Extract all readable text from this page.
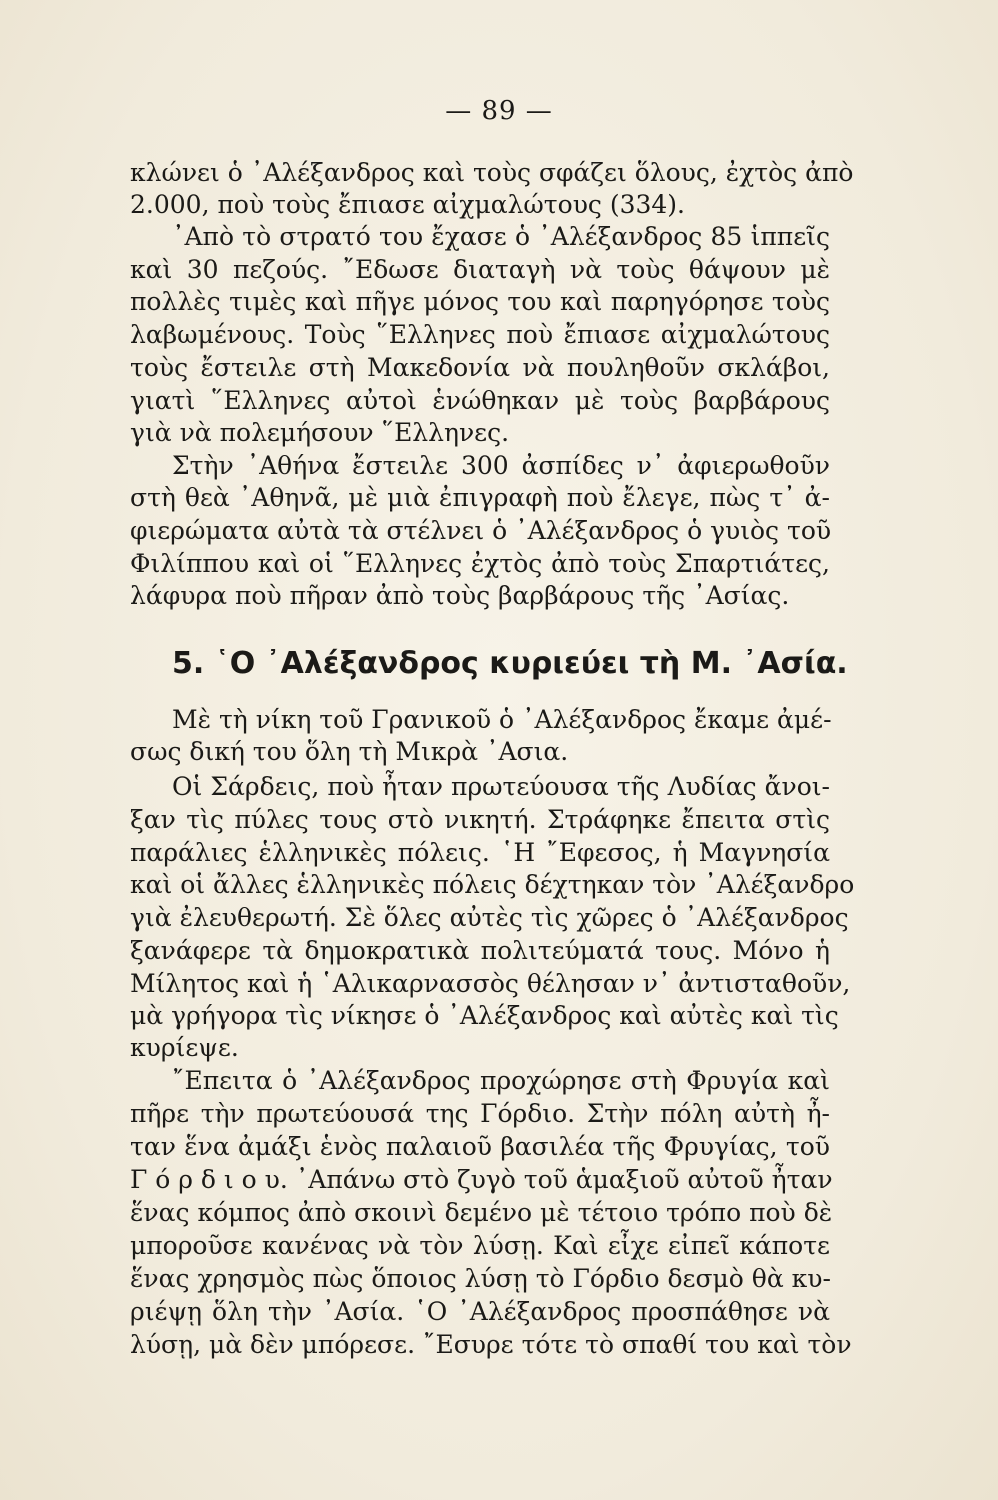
— 89 —
κλώνει ὁ ᾿Αλέξανδρος καὶ τοὺς σφάζει ὅλους, ἐχτὸς ἀπὸ
2.000, ποὺ τοὺς ἔπιασε αἰχμαλώτους (334).
᾿Απὸ τὸ στρατό του ἔχασε ὁ ᾿Αλέξανδρος 85 ἱππεῖς
καὶ 30 πεζούς. ῎Εδωσε διαταγὴ νὰ τοὺς θάψουν μὲ
πολλὲς τιμὲς καὶ πῆγε μόνος του καὶ παρηγόρησε τοὺς
λαβωμένους. Τοὺς ῞Ελληνες ποὺ ἔπιασε αἰχμαλώτους
τοὺς ἔστειλε στὴ Μακεδονία νὰ πουληθοῦν σκλάβοι,
γιατὶ ῞Ελληνες αὐτοὶ ἑνώθηκαν μὲ τοὺς βαρβάρους
γιὰ νὰ πολεμήσουν ῞Ελληνες.
Στὴν ᾿Αθήνα ἔστειλε 300 ἀσπίδες ν᾿ ἀφιερωθοῦν
στὴ θεὰ ᾿Αθηνᾶ, μὲ μιὰ ἐπιγραφὴ ποὺ ἔλεγε, πὼς τ᾿ ἀ-
φιερώματα αὐτὰ τὰ στέλνει ὁ ᾿Αλέξανδρος ὁ γυιὸς τοῦ
Φιλίππου καὶ οἱ ῞Ελληνες ἐχτὸς ἀπὸ τοὺς Σπαρτιάτες,
λάφυρα ποὺ πῆραν ἀπὸ τοὺς βαρβάρους τῆς ᾿Ασίας.
5. ῾Ο ᾿Αλέξανδρος κυριεύει τὴ Μ. ᾿Ασία.
Μὲ τὴ νίκη τοῦ Γρανικοῦ ὁ ᾿Αλέξανδρος ἔκαμε ἀμέ-
σως δική του ὅλη τὴ Μικρὰ ᾿Ασια.
Οἱ Σάρδεις, ποὺ ἦταν πρωτεύουσα τῆς Λυδίας ἄνοι-
ξαν τὶς πύλες τους στὸ νικητή. Στράφηκε ἔπειτα στὶς
παράλιες ἑλληνικὲς πόλεις. ῾Η ῎Εφεσος, ἡ Μαγνησία
καὶ οἱ ἄλλες ἑλληνικὲς πόλεις δέχτηκαν τὸν ᾿Αλέξανδρο
γιὰ ἐλευθερωτή. Σὲ ὅλες αὐτὲς τὶς χῶρες ὁ ᾿Αλέξανδρος
ξανάφερε τὰ δημοκρατικὰ πολιτεύματά τους. Μόνο ἡ
Μίλητος καὶ ἡ ῾Αλικαρνασσὸς θέλησαν ν᾿ ἀντισταθοῦν,
μὰ γρήγορα τὶς νίκησε ὁ ᾿Αλέξανδρος καὶ αὐτὲς καὶ τὶς
κυρίεψε.
῎Επειτα ὁ ᾿Αλέξανδρος προχώρησε στὴ Φρυγία καὶ
πῆρε τὴν πρωτεύουσά της Γόρδιο. Στὴν πόλη αὐτὴ ἦ-
ταν ἕνα ἀμάξι ἑνὸς παλαιοῦ βασιλέα τῆς Φρυγίας, τοῦ
Γ ό ρ δ ι ο υ. ᾿Απάνω στὸ ζυγὸ τοῦ ἁμαξιοῦ αὐτοῦ ἦταν
ἕνας κόμπος ἀπὸ σκοινὶ δεμένο μὲ τέτοιο τρόπο ποὺ δὲ
μποροῦσε κανένας νὰ τὸν λύσῃ. Καὶ εἶχε εἰπεῖ κάποτε
ἕνας χρησμὸς πὼς ὅποιος λύσῃ τὸ Γόρδιο δεσμὸ θὰ κυ-
ριέψῃ ὅλη τὴν ᾿Ασία. ῾Ο ᾿Αλέξανδρος προσπάθησε νὰ
λύσῃ, μὰ δὲν μπόρεσε. ῎Εσυρε τότε τὸ σπαθί του καὶ τὸν
